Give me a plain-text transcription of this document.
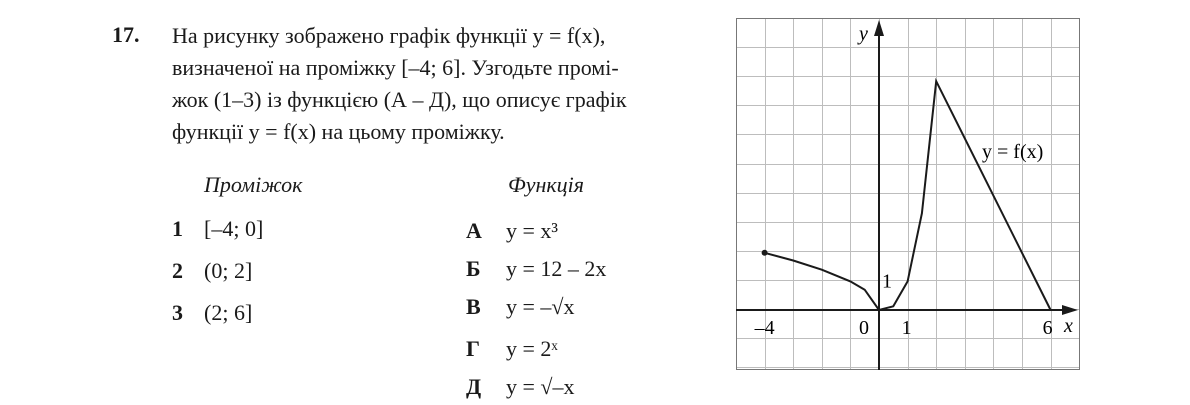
17. На рисунку зображено графік функції y = f(x),
визначеної на проміжку [–4; 6]. Узгодьте промі-
жок (1–3) із функцією (А – Д), що описує графік
функції y = f(x) на цьому проміжку.
Проміжок	Функція
1 [–4; 0]
2 (0; 2]
3 (2; 6]
А y = x³
Б y = 12 – 2x
В y = –√x
Г y = 2ˣ
Д y = √–x
y
x
–4	0 1	6
1
y = f(x)
